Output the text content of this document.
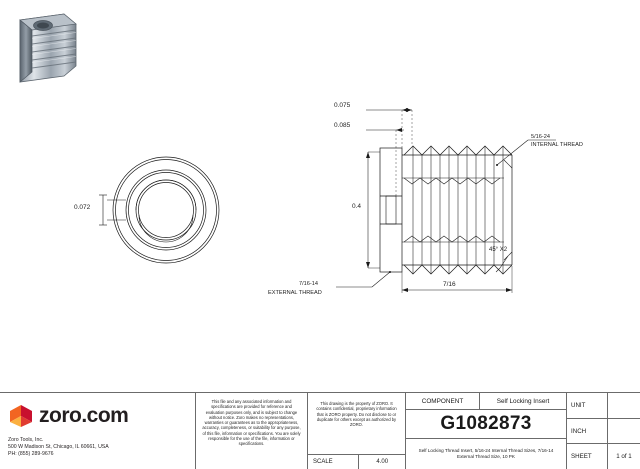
0.072
0.075
0.085
0.4
7/16
45° X2
5/16-24
INTERNAL THREAD
7/16-14
EXTERNAL THREAD
zoro.com
Zoro Tools, Inc.
500 W Madison St, Chicago, IL 60661, USA
PH: (855) 289-9676

This file and any associated information and specifications are provided for reference and evaluation purposes only, and is subject to change without notice. Zoro makes no representations, warranties or guarantees as to the appropriateness, accuracy, completeness, or suitability for any purpose, of this file, information or specifications. You are solely responsible for the use of the file, information or specifications.

This drawing is the property of ZORO. It contains confidential, proprietary information that is ZORO property. Do not disclose to or duplicate for others except as authorized by ZORO.

SCALE	4.00
COMPONENT	Self Locking Insert
G1082873

Self Locking Thread Insert, 5/16-24 Internal Thread Sizes, 7/16-14 External Thread Size, 10 PK

UNIT
INCH
SHEET	1 of 1
